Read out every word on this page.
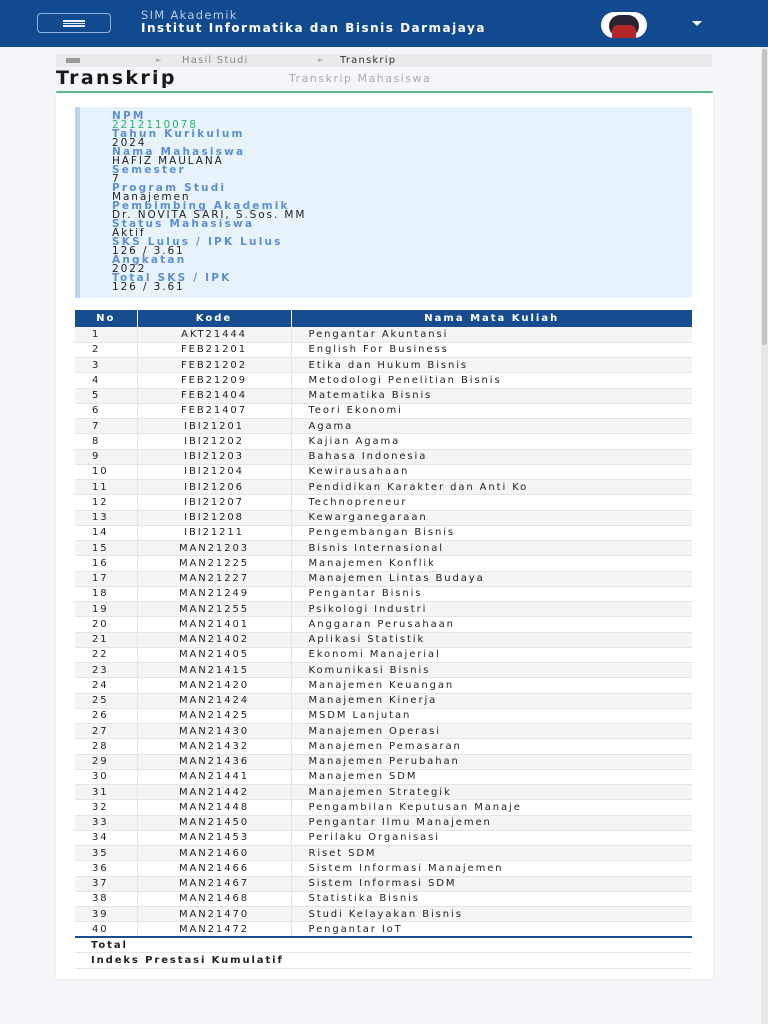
SIM Akademik
Institut Informatika dan Bisnis Darmajaya
► Hasil Studi	► Transkrip
Transkrip	Transkrip Mahasiswa
NPM
2212110078
Tahun Kurikulum
2024
Nama Mahasiswa
HAFIZ MAULANA
Semester
7
Program Studi
Manajemen
Pembimbing Akademik
Dr. NOVITA SARI, S.Sos. MM
Status Mahasiswa
Aktif
SKS Lulus / IPK Lulus
126 / 3.61
Angkatan
2022
Total SKS / IPK
126 / 3.61
No	Kode	Nama Mata Kuliah
1	AKT21444	Pengantar Akuntansi
2	FEB21201	English For Business
3	FEB21202	Etika dan Hukum Bisnis
4	FEB21209	Metodologi Penelitian Bisnis
5	FEB21404	Matematika Bisnis
6	FEB21407	Teori Ekonomi
7	IBI21201	Agama
8	IBI21202	Kajian Agama
9	IBI21203	Bahasa Indonesia
10	IBI21204	Kewirausahaan
11	IBI21206	Pendidikan Karakter dan Anti Ko
12	IBI21207	Technopreneur
13	IBI21208	Kewarganegaraan
14	IBI21211	Pengembangan Bisnis
15	MAN21203	Bisnis Internasional
16	MAN21225	Manajemen Konflik
17	MAN21227	Manajemen Lintas Budaya
18	MAN21249	Pengantar Bisnis
19	MAN21255	Psikologi Industri
20	MAN21401	Anggaran Perusahaan
21	MAN21402	Aplikasi Statistik
22	MAN21405	Ekonomi Manajerial
23	MAN21415	Komunikasi Bisnis
24	MAN21420	Manajemen Keuangan
25	MAN21424	Manajemen Kinerja
26	MAN21425	MSDM Lanjutan
27	MAN21430	Manajemen Operasi
28	MAN21432	Manajemen Pemasaran
29	MAN21436	Manajemen Perubahan
30	MAN21441	Manajemen SDM
31	MAN21442	Manajemen Strategik
32	MAN21448	Pengambilan Keputusan Manaje
33	MAN21450	Pengantar Ilmu Manajemen
34	MAN21453	Perilaku Organisasi
35	MAN21460	Riset SDM
36	MAN21466	Sistem Informasi Manajemen
37	MAN21467	Sistem Informasi SDM
38	MAN21468	Statistika Bisnis
39	MAN21470	Studi Kelayakan Bisnis
40	MAN21472	Pengantar IoT
Total		
Indeks Prestasi Kumulatif		
